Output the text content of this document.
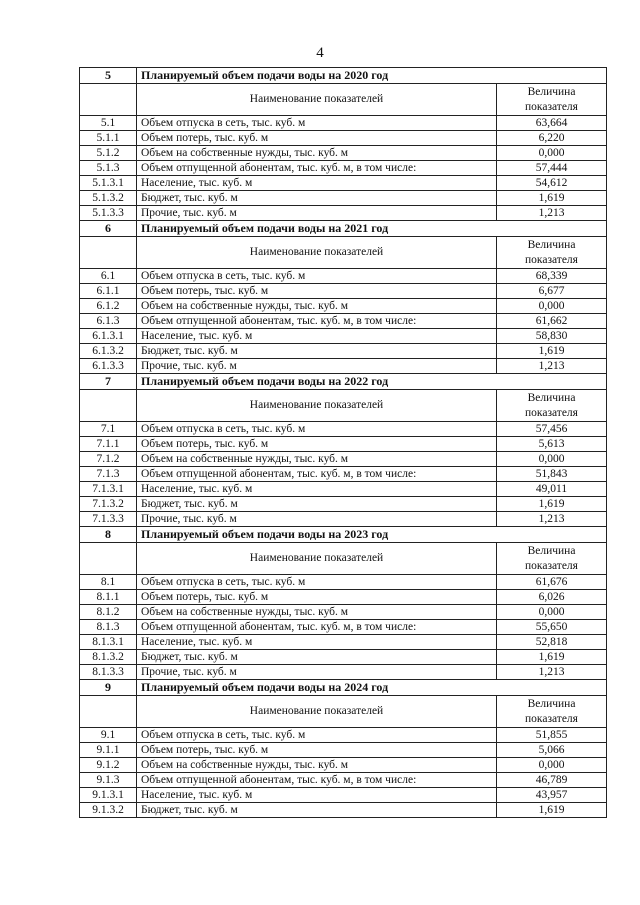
4
5	Планируемый объем подачи воды на 2020 год	
	Наименование показателей	Величина показателя
5.1	Объем отпуска в сеть, тыс. куб. м	63,664
5.1.1	Объем потерь, тыс. куб. м	6,220
5.1.2	Объем на собственные нужды, тыс. куб. м	0,000
5.1.3	Объем отпущенной абонентам, тыс. куб. м, в том числе:	57,444
5.1.3.1	Население, тыс. куб. м	54,612
5.1.3.2	Бюджет, тыс. куб. м	1,619
5.1.3.3	Прочие, тыс. куб. м	1,213
6	Планируемый объем подачи воды на 2021 год	
	Наименование показателей	Величина показателя
6.1	Объем отпуска в сеть, тыс. куб. м	68,339
6.1.1	Объем потерь, тыс. куб. м	6,677
6.1.2	Объем на собственные нужды, тыс. куб. м	0,000
6.1.3	Объем отпущенной абонентам, тыс. куб. м, в том числе:	61,662
6.1.3.1	Население, тыс. куб. м	58,830
6.1.3.2	Бюджет, тыс. куб. м	1,619
6.1.3.3	Прочие, тыс. куб. м	1,213
7	Планируемый объем подачи воды на 2022 год	
	Наименование показателей	Величина показателя
7.1	Объем отпуска в сеть, тыс. куб. м	57,456
7.1.1	Объем потерь, тыс. куб. м	5,613
7.1.2	Объем на собственные нужды, тыс. куб. м	0,000
7.1.3	Объем отпущенной абонентам, тыс. куб. м, в том числе:	51,843
7.1.3.1	Население, тыс. куб. м	49,011
7.1.3.2	Бюджет, тыс. куб. м	1,619
7.1.3.3	Прочие, тыс. куб. м	1,213
8	Планируемый объем подачи воды на 2023 год	
	Наименование показателей	Величина показателя
8.1	Объем отпуска в сеть, тыс. куб. м	61,676
8.1.1	Объем потерь, тыс. куб. м	6,026
8.1.2	Объем на собственные нужды, тыс. куб. м	0,000
8.1.3	Объем отпущенной абонентам, тыс. куб. м, в том числе:	55,650
8.1.3.1	Население, тыс. куб. м	52,818
8.1.3.2	Бюджет, тыс. куб. м	1,619
8.1.3.3	Прочие, тыс. куб. м	1,213
9	Планируемый объем подачи воды на 2024 год	
	Наименование показателей	Величина показателя
9.1	Объем отпуска в сеть, тыс. куб. м	51,855
9.1.1	Объем потерь, тыс. куб. м	5,066
9.1.2	Объем на собственные нужды, тыс. куб. м	0,000
9.1.3	Объем отпущенной абонентам, тыс. куб. м, в том числе:	46,789
9.1.3.1	Население, тыс. куб. м	43,957
9.1.3.2	Бюджет, тыс. куб. м	1,619
